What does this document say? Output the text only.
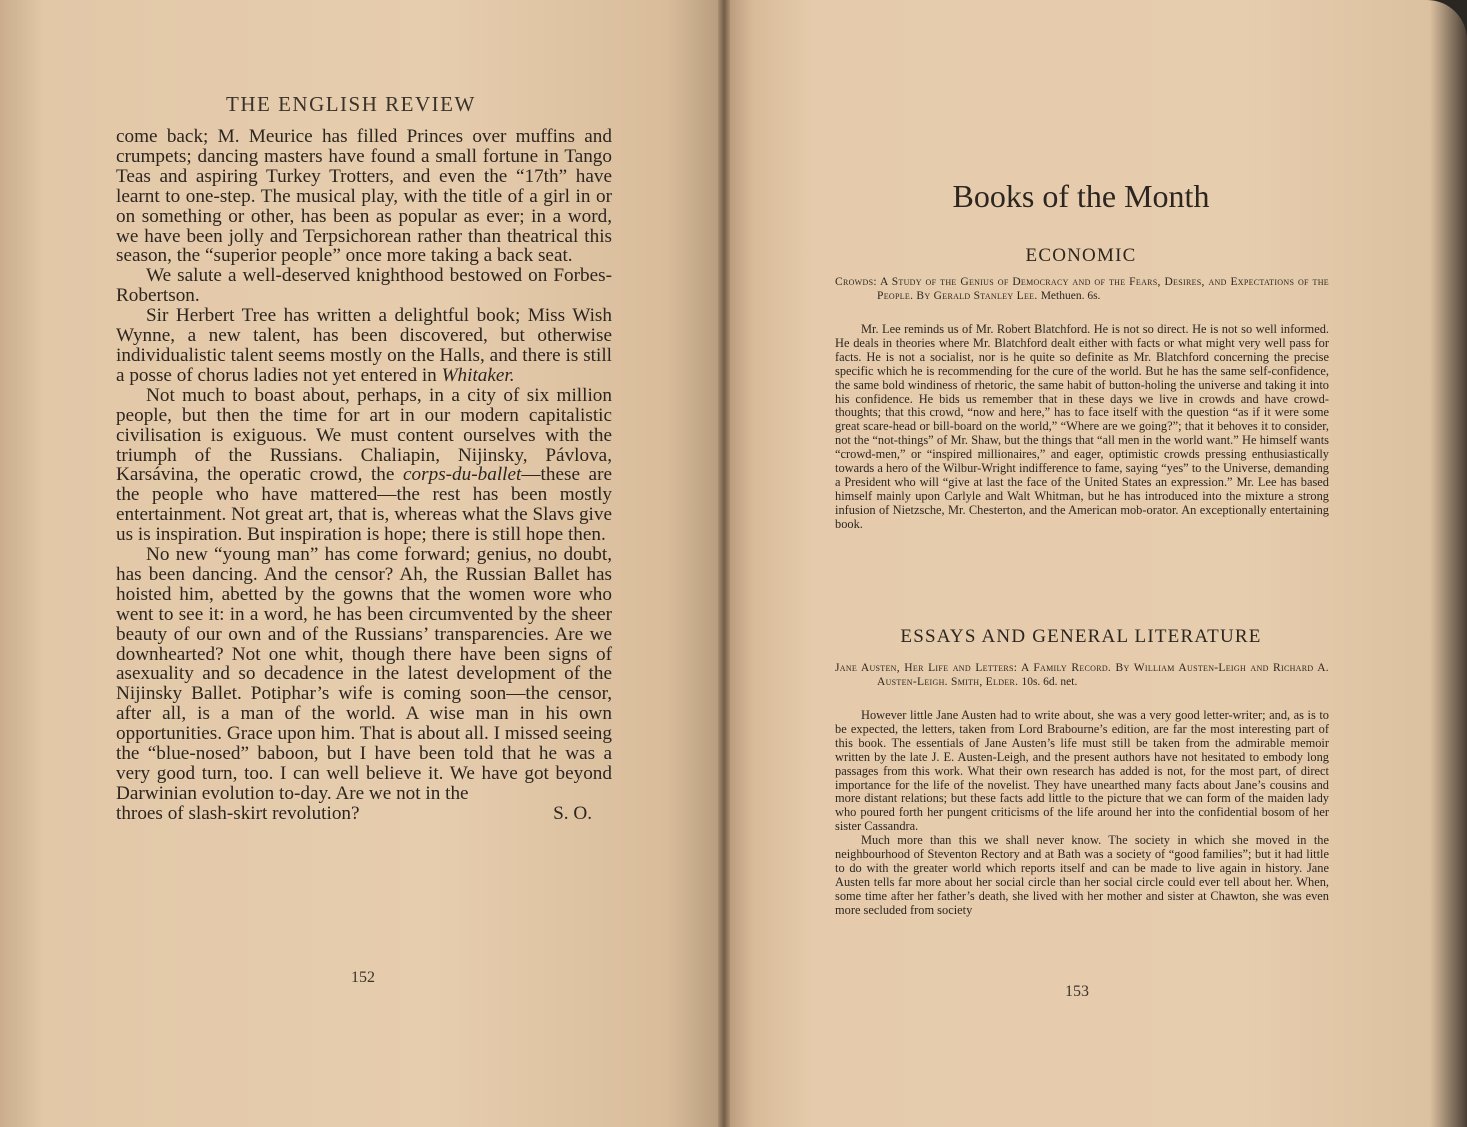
THE ENGLISH REVIEW

come back; M. Meurice has filled Princes over muffins and crumpets; dancing masters have found a small fortune in Tango Teas and aspiring Turkey Trotters, and even the “17th” have learnt to one-step. The musical play, with the title of a girl in or on something or other, has been as popular as ever; in a word, we have been jolly and Terpsichorean rather than theatrical this season, the “superior people” once more taking a back seat.

We salute a well-deserved knighthood bestowed on Forbes-Robertson.

Sir Herbert Tree has written a delightful book; Miss Wish Wynne, a new talent, has been discovered, but otherwise individualistic talent seems mostly on the Halls, and there is still a posse of chorus ladies not yet entered in Whitaker.

Not much to boast about, perhaps, in a city of six million people, but then the time for art in our modern capitalistic civilisation is exiguous. We must content ourselves with the triumph of the Russians. Chaliapin, Nijinsky, Pávlova, Karsávina, the operatic crowd, the corps-du-ballet—these are the people who have mattered—the rest has been mostly entertainment. Not great art, that is, whereas what the Slavs give us is inspiration. But inspiration is hope; there is still hope then.

No new “young man” has come forward; genius, no doubt, has been dancing. And the censor? Ah, the Russian Ballet has hoisted him, abetted by the gowns that the women wore who went to see it: in a word, he has been circumvented by the sheer beauty of our own and of the Russians’ transparencies. Are we downhearted? Not one whit, though there have been signs of asexuality and so decadence in the latest development of the Nijinsky Ballet. Potiphar’s wife is coming soon—the censor, after all, is a man of the world. A wise man in his own opportunities. Grace upon him. That is about all. I missed seeing the “blue-nosed” baboon, but I have been told that he was a very good turn, too. I can well believe it. We have got beyond Darwinian evolution to-day. Are we not in the

throes of slash-skirt revolution?	S. O.
152
Books of the Month
ECONOMIC
Crowds: A Study of the Genius of Democracy and of the Fears, Desires, and Expectations of the People. By Gerald Stanley Lee. Methuen. 6s.

Mr. Lee reminds us of Mr. Robert Blatchford. He is not so direct. He is not so well informed. He deals in theories where Mr. Blatchford dealt either with facts or what might very well pass for facts. He is not a socialist, nor is he quite so definite as Mr. Blatchford concerning the precise specific which he is recommending for the cure of the world. But he has the same self-confidence, the same bold windiness of rhetoric, the same habit of button-holing the universe and taking it into his confidence. He bids us remember that in these days we live in crowds and have crowd-thoughts; that this crowd, “now and here,” has to face itself with the question “as if it were some great scare-head or bill-board on the world,” “Where are we going?”; that it behoves it to consider, not the “not-things” of Mr. Shaw, but the things that “all men in the world want.” He himself wants “crowd-men,” or “inspired millionaires,” and eager, optimistic crowds pressing enthusiastically towards a hero of the Wilbur-Wright indifference to fame, saying “yes” to the Universe, demanding a President who will “give at last the face of the United States an expression.” Mr. Lee has based himself mainly upon Carlyle and Walt Whitman, but he has introduced into the mixture a strong infusion of Nietzsche, Mr. Chesterton, and the American mob-orator. An exceptionally entertaining book.

ESSAYS AND GENERAL LITERATURE
Jane Austen, Her Life and Letters: A Family Record. By William Austen-Leigh and Richard A. Austen-Leigh. Smith, Elder. 10s. 6d. net.

However little Jane Austen had to write about, she was a very good letter-writer; and, as is to be expected, the letters, taken from Lord Brabourne’s edition, are far the most interesting part of this book. The essentials of Jane Austen’s life must still be taken from the admirable memoir written by the late J. E. Austen-Leigh, and the present authors have not hesitated to embody long passages from this work. What their own research has added is not, for the most part, of direct importance for the life of the novelist. They have unearthed many facts about Jane’s cousins and more distant relations; but these facts add little to the picture that we can form of the maiden lady who poured forth her pungent criticisms of the life around her into the confidential bosom of her sister Cassandra.

Much more than this we shall never know. The society in which she moved in the neighbourhood of Steventon Rectory and at Bath was a society of “good families”; but it had little to do with the greater world which reports itself and can be made to live again in history. Jane Austen tells far more about her social circle than her social circle could ever tell about her. When, some time after her father’s death, she lived with her mother and sister at Chawton, she was even more secluded from society

153
